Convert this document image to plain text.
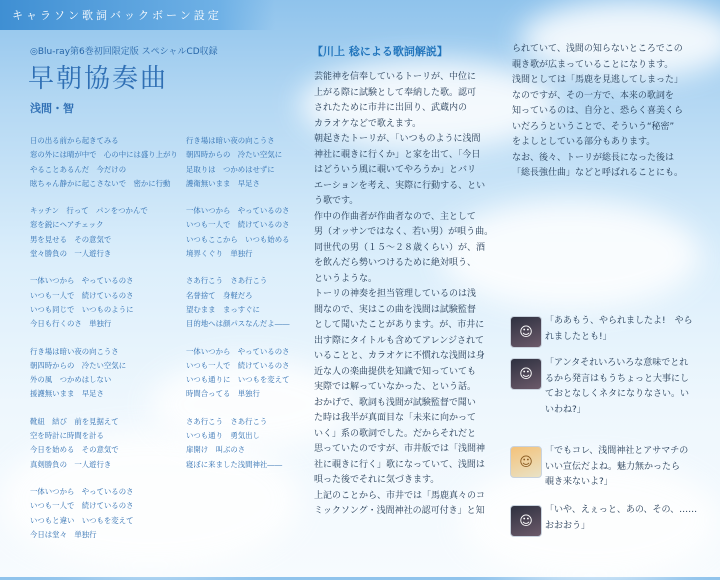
キャラソン歌詞バックボーン設定
◎Blu-ray第6巻初回限定版 スペシャルCD収録
早朝協奏曲
浅間・智
日の出る前から起きてみる
窓の外には晴が中で　心の中には盛り上がり
やることあるんだ　今だけの
眩ちゃん静かに起こさないで　密かに行動
キッチン　行って　パンをつかんで
窓を鋭にヘアチェック
男を見せる　その意気で
堂々勝負の　一人遊行き
一体いつから　やっているのさ
いつも一人で　続けているのさ
いつも同じで　いつものように
今日も行くのさ　単独行
行き場は暗い夜の向こうさ
朝四時からの　冷たい空気に
外の風　つかめはしない
援護無いまま　早足さ
靴紐　結び　前を見据えて
空を時計に時間を計る
今日を始める　その意気で
真剣勝負の　一人遊行き
一体いつから　やっているのさ
いつも一人で　続けているのさ
いつもと違い　いつもを変えて
今日は堂々　単独行
行き場は暗い夜の向こうさ
朝四時からの　冷たい空気に
足取りは　つかめはせずに
護衛無いまま　早足さ
一体いつから　やっているのさ
いつも一人で　続けているのさ
いつもここから　いつも始める
境界くぐり　単独行
さあ行こう　さあ行こう
名誉捨て　身軽だろ
望むまま　まっすぐに
目的地へは颜パスなんだよ――
一体いつから　やっているのさ
いつも一人で　続けているのさ
いつも通りに　いつもを変えて
時間合ってる　単独行
さあ行こう　さあ行こう
いつも通り　勇気出し
扉開け　叫ぶのさ
寝ぼに来ました浅間神社――
【川上 稔による歌詞解説】

芸能神を信奉しているトーリが、中位に

上がる際に試験として奉納した歌。認可

されたために市井に出回り、武蔵内の

カラオケなどで歌えます。

朝起きたトーリが、「いつものように浅間

神社に覗きに行くか」と家を出て、「今日

はどういう風に覗いてやろうか」とバリ

エーションを考え、実際に行動する、とい

う歌です。

作中の作曲者が作曲者なので、主として

男（オッサンではなく、若い男）が唄う曲。

同世代の男（１５～２８歳くらい）が、酒

を飲んだら勢いつけるために絶対唄う、

というような。

トーリの神奏を担当管理しているのは浅

間なので、実はこの曲を浅間は試験監督

として聞いたことがあります。が、市井に

出す際にタイトルも含めてアレンジされて

いることと、カラオケに不慣れな浅間は身

近な人の楽曲提供を知識で知っていても

実際では解っていなかった、という話。

おかげで、歌詞も浅間が試験監督で聞い

た時は我半が真面目な「未来に向かって

いく」系の歌詞でした。だからそれだと

思っていたのですが、市井版では「浅間神

社に覗きに行く」歌になっていて、浅間は

唄った後でそれに気づきます。

上記のことから、市井では「馬鹿真々のコ

ミックソング・浅間神社の認可付き」と知

られていて、浅間の知らないところでこの

覗き歌が広まっていることになります。

浅間としては「馬鹿を見逃してしまった」

なのですが、その一方で、本来の歌詞を

知っているのは、自分と、恐らく喜美くら

いだろうということで、そういう“秘密”

をよしとしている部分もあります。

なお、後々、トーリが総長になった後は

「総長強仕曲」などと呼ばれることにも。

☺
「ああもう、やられましたよ!　やら
れましたとも!」
☺
「アンタそれいろいろな意味でとれ
るから発言はもうちょっと大事にし
ておとなしくネタになりなさい。い
いわね?」
☺
「でもコレ、浅間神社とアサマチの
いい宣伝だよね。魅力無かったら
覗き来ないよ?」
☺
「いや、えぇっと、あの、その、……
おおおう」
